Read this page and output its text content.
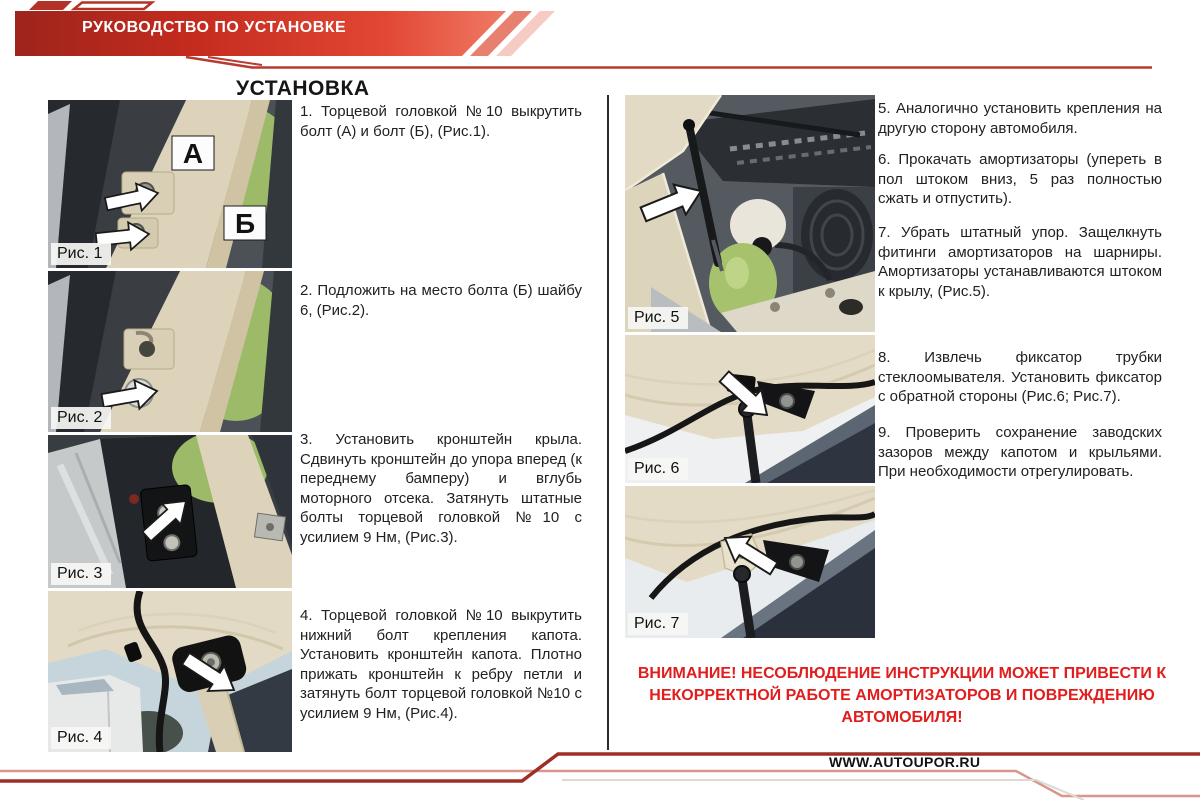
РУКОВОДСТВО ПО УСТАНОВКЕ
УСТАНОВКА
А
Б
Рис. 1
Рис. 2
Рис. 3
Рис. 4
Рис. 5
Рис. 6
Рис. 7

1. Торцевой головкой №10 выкрутить болт (А) и болт (Б), (Рис.1).

2. Подложить на место болта (Б) шайбу 6, (Рис.2).

3. Установить кронштейн крыла. Сдвинуть кронштейн до упора вперед (к переднему бамперу) и вглубь моторного отсека. Затянуть штатные болты торцевой головкой №10 с усилием 9 Нм, (Рис.3).

4. Торцевой головкой №10 выкрутить нижний болт крепления капота. Установить кронштейн капота. Плотно прижать кронштейн к ребру петли и затянуть болт торцевой головкой №10 с усилием 9 Нм, (Рис.4).

5. Аналогично установить крепления на другую сторону автомобиля.

6. Прокачать амортизаторы (упереть в пол штоком вниз, 5 раз полностью сжать и отпустить).

7. Убрать штатный упор. Защелкнуть фитинги амортизаторов на шарниры. Амортизаторы устанавливаются штоком к крылу, (Рис.5).

8. Извлечь фиксатор трубки стеклоомывателя. Установить фиксатор с обратной стороны (Рис.6; Рис.7).

9. Проверить сохранение заводских зазоров между капотом и крыльями. При необходимости отрегулировать.

ВНИМАНИЕ! НЕСОБЛЮДЕНИЕ ИНСТРУКЦИИ МОЖЕТ ПРИВЕСТИ К НЕКОРРЕКТНОЙ РАБОТЕ АМОРТИЗАТОРОВ И ПОВРЕЖДЕНИЮ АВТОМОБИЛЯ!
WWW.AUTOUPOR.RU
